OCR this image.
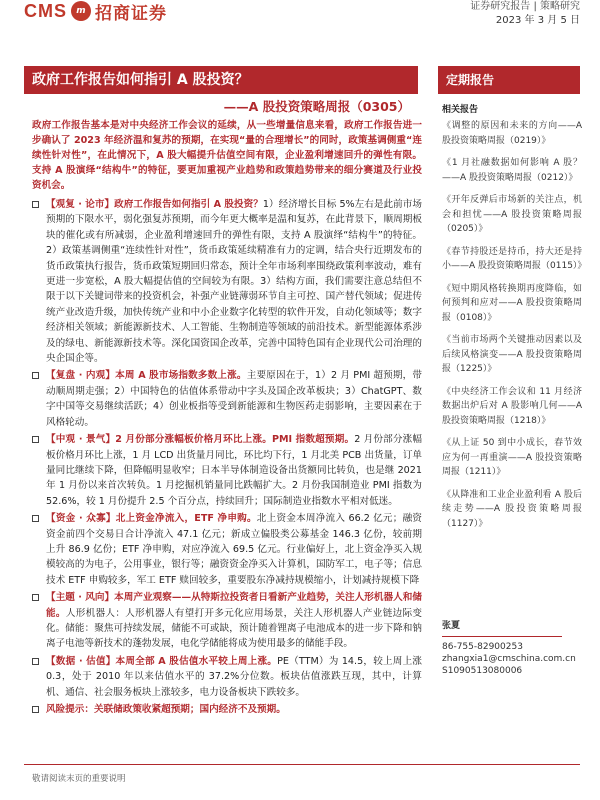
CMS	m 招商证券	证券研究报告 | 策略研究
2023 年 3 月 5 日
政府工作报告如何指引 A 股投资？
——A 股投资策略周报（0305）
定期报告

政府工作报告基本是对中央经济工作会议的延续，从一些增量信息来看，政府工作报告进一步确认了 2023 年经济温和复苏的预期，在实现“量的合理增长”的同时，政策基调侧重“连续性针对性”，在此情况下，A 股大幅提升估值空间有限，企业盈利增速回升的弹性有限。支持 A 股演绎“结构牛”的特征，要更加重视产业趋势和政策趋势带来的细分赛道及行业投资机会。

【观复 · 论市】政府工作报告如何指引 A 股投资？1）经济增长目标 5%左右是此前市场预期的下限水平，弱化强复苏预期，而今年更大概率是温和复苏，在此背景下，顺周期板块的催化或有所减弱，企业盈利增速回升的弹性有限，支持 A 股演绎“结构牛”的特征。2）政策基调侧重“连续性针对性”，货币政策延续精准有力的定调，结合央行近期发布的货币政策执行报告，货币政策短期回归常态，预计全年市场利率围绕政策利率波动，难有更进一步宽松，A 股大幅提估值的空间较为有限。3）结构方面，我们需要注意总结但不限于以下关键词带来的投资机会，补强产业链薄弱环节自主可控、国产替代领域；促进传统产业改造升级，加快传统产业和中小企业数字化转型的软件开发，自动化领域等；数字经济相关领域；新能源新技术、人工智能、生物制造等领域的前沿技术。新型能源体系涉及的绿电、新能源新技术等。深化国资国企改革，完善中国特色国有企业现代公司治理的央企国企等。
【复盘 · 内观】本周 A 股市场指数多数上涨。主要原因在于，1）2 月 PMI 超预期，带动顺周期走强；2）中国特色的估值体系带动中字头及国企改革板块；3）ChatGPT、数字中国等交易继续活跃；4）创业板指等受到新能源和生物医药走弱影响，主要因素在于风格轮动。
【中观 · 景气】2 月份部分涨幅板价格月环比上涨。PMI 指数超预期。2 月份部分涨幅板价格月环比上涨，1 月 LCD 出货量月同比，环比均下行，1 月北美 PCB 出货量，订单量同比继续下降，但降幅明显收窄；日本半导体制造设备出货额同比转负，也是继 2021 年 1 月份以来首次转负。1 月挖掘机销量同比跌幅扩大。2 月份我国制造业 PMI 指数为 52.6%，较 1 月份提升 2.5 个百分点，持续回升；国际制造业指数水平相对低迷。
【资金 · 众寡】北上资金净流入，ETF 净申购。北上资金本周净流入 66.2 亿元；融资资金前四个交易日合计净流入 47.1 亿元；新成立偏股类公募基金 146.3 亿份，较前期上升 86.9 亿份；ETF 净申购，对应净流入 69.5 亿元。行业偏好上，北上资金净买入规模较高的为电子，公用事业，银行等；融资资金净买入计算机，国防军工，电子等；信息技术 ETF 申购较多，军工 ETF 赎回较多，重要股东净减持规模缩小，计划减持规模下降
【主题 · 风向】本周产业观察——从特斯拉投资者日看新产业趋势，关注人形机器人和储能。人形机器人：人形机器人有望打开多元化应用场景，关注人形机器人产业链边际变化。储能：聚焦可持续发展，储能不可或缺，预计随着锂离子电池成本的进一步下降和钠离子电池等新技术的蓬勃发展，电化学储能将成为使用最多的储能手段。
【数据 · 估值】本周全部 A 股估值水平较上周上涨。PE（TTM）为 14.5，较上周上涨 0.3，处于 2010 年以来估值水平的 37.2%分位数。板块估值涨跌互现，其中，计算机、通信、社会服务板块上涨较多，电力设备板块下跌较多。
风险提示：关联储政策收紧超预期；国内经济不及预期。
相关报告
《调整的原因和未来的方向——A 股投资策略周报（0219）》
《1 月社融数据如何影响 A 股？——A 股投资策略周报（0212）》
《开年反弹后市场新的关注点，机会和担忧——A 股投资策略周报（0205）》
《春节持股还是持币，持大还是持小——A 股投资策略周报（0115）》
《短中期风格转换期再度降临，如何预判和应对——A 股投资策略周报（0108）》
《当前市场两个关键推动因素以及后续风格演变——A 股投资策略周报（1225）》
《中央经济工作会议和 11 月经济数据出炉后对 A 股影响几何——A 股投资策略周报（1218）》
《从上证 50 到中小成长，春节效应为何一再重演——A 股投资策略周报（1211）》
《从降准和工业企业盈利看 A 股后续走势——A 股投资策略周报（1127）》
张夏
86-755-82900253
zhangxia1@cmschina.com.cn
S1090513080006
敬请阅读末页的重要说明
